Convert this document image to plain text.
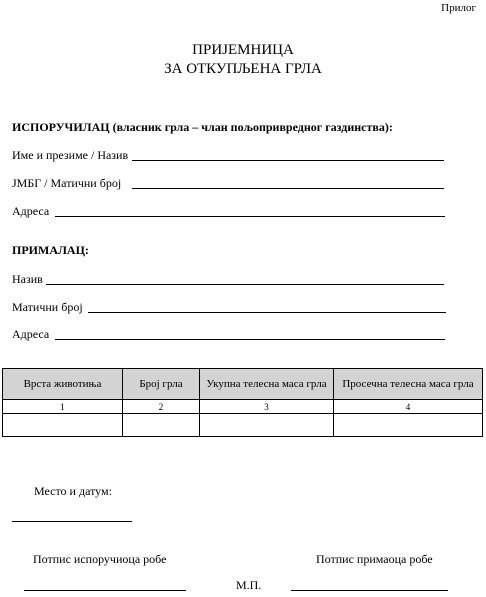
Прилог
ПРИЈЕМНИЦА
ЗА ОТКУПЉЕНА ГРЛА
ИСПОРУЧИЛАЦ (власник грла – члан пољопривредног газдинства):
Име и презиме / Назив
ЈМБГ / Матични број
Адреса
ПРИМАЛАЦ:
Назив
Матични број
Адреса
Врста животиња	Број грла	Укупна телесна маса грла	Просечна телесна маса грла
1	2	3	4

Место и датум:
Потпис испоручиоца робе	Потпис примаоца робе
М.П.
